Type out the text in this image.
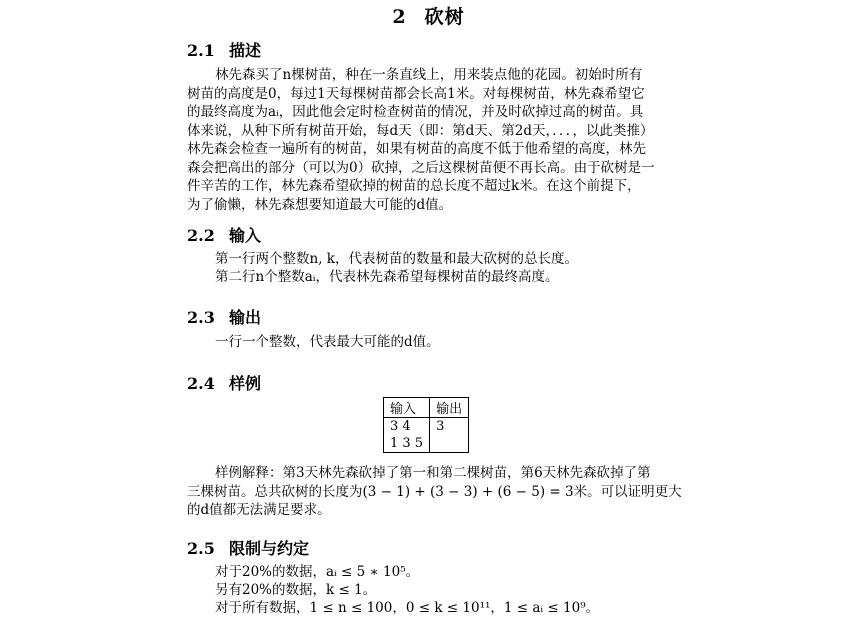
2 砍树
2.1 描述
林先森买了n棵树苗，种在一条直线上，用来装点他的花园。初始时所有
树苗的高度是0，每过1天每棵树苗都会长高1米。对每棵树苗，林先森希望它
的最终高度为aᵢ，因此他会定时检查树苗的情况，并及时砍掉过高的树苗。具
体来说，从种下所有树苗开始，每d天（即：第d天、第2d天，．．．，以此类推）
林先森会检查一遍所有的树苗，如果有树苗的高度不低于他希望的高度，林先
森会把高出的部分（可以为0）砍掉，之后这棵树苗便不再长高。由于砍树是一
件辛苦的工作，林先森希望砍掉的树苗的总长度不超过k米。在这个前提下，
为了偷懒，林先森想要知道最大可能的d值。
2.2 输入
第一行两个整数n, k，代表树苗的数量和最大砍树的总长度。
第二行n个整数aᵢ，代表林先森希望每棵树苗的最终高度。
2.3 输出
一行一个整数，代表最大可能的d值。
2.4 样例
输入	输出
3 4	3
1 3 5	
样例解释：第3天林先森砍掉了第一和第二棵树苗，第6天林先森砍掉了第
三棵树苗。总共砍树的长度为(3 − 1) + (3 − 3) + (6 − 5) = 3米。可以证明更大
的d值都无法满足要求。
2.5 限制与约定
对于20%的数据，aᵢ ≤ 5 ∗ 10⁵。
另有20%的数据，k ≤ 1。
对于所有数据，1 ≤ n ≤ 100，0 ≤ k ≤ 10¹¹，1 ≤ aᵢ ≤ 10⁹。
